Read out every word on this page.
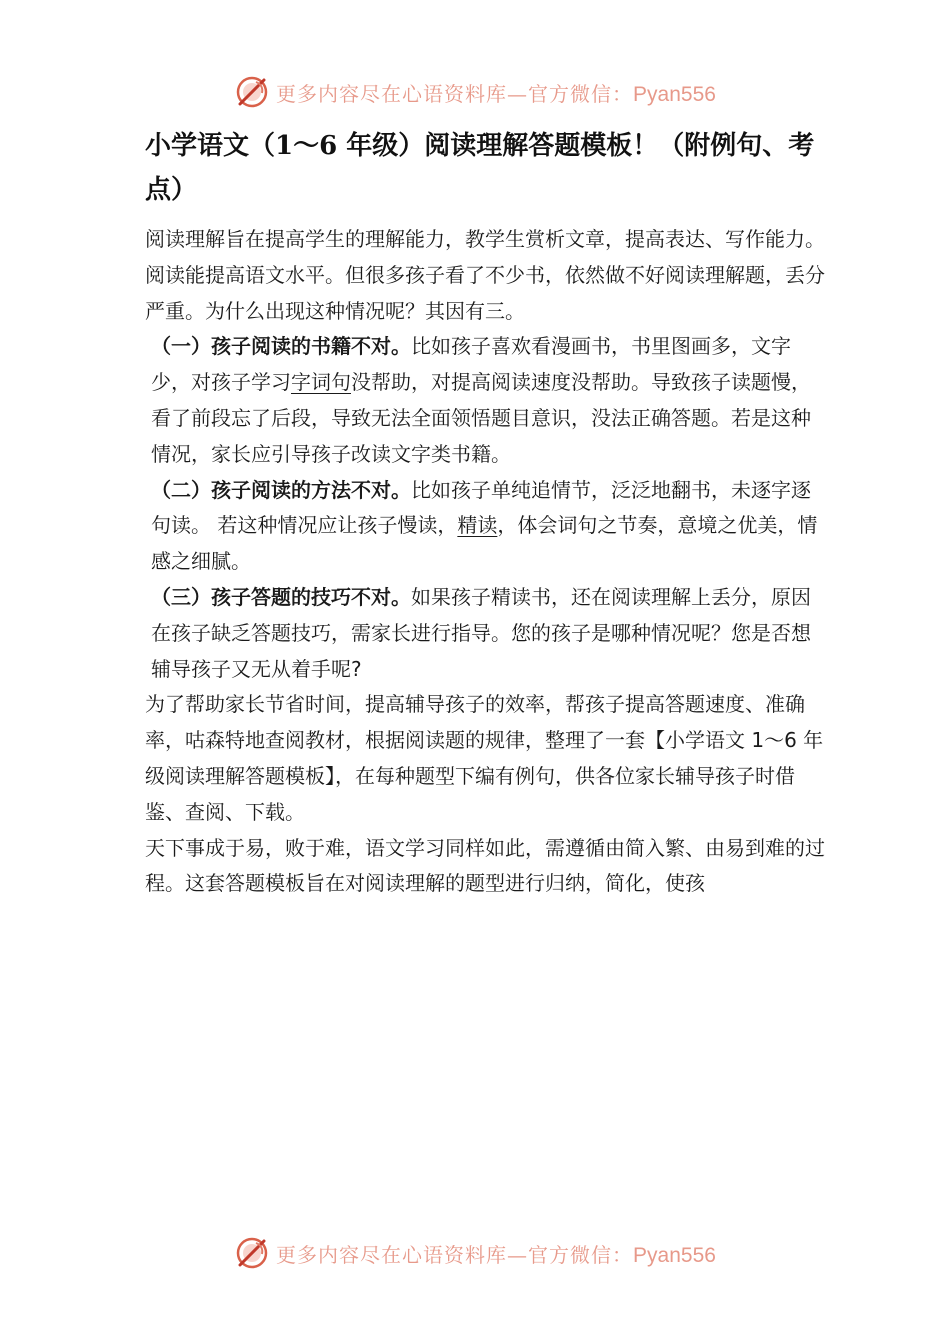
更多内容尽在心语资料库—官方微信：Pyan556
小学语文（1～6 年级）阅读理解答题模板！（附例句、考点）

阅读理解旨在提高学生的理解能力，教学生赏析文章，提高表达、写作能力。阅读能提高语文水平。但很多孩子看了不少书，依然做不好阅读理解题，丢分严重。为什么出现这种情况呢？其因有三。

（一）孩子阅读的书籍不对。比如孩子喜欢看漫画书，书里图画多，文字少，对孩子学习字词句没帮助，对提高阅读速度没帮助。导致孩子读题慢，看了前段忘了后段，导致无法全面领悟题目意识，没法正确答题。若是这种情况，家长应引导孩子改读文字类书籍。

（二）孩子阅读的方法不对。比如孩子单纯追情节，泛泛地翻书，未逐字逐句读。 若这种情况应让孩子慢读，精读，体会词句之节奏，意境之优美，情感之细腻。

（三）孩子答题的技巧不对。如果孩子精读书，还在阅读理解上丢分，原因在孩子缺乏答题技巧，需家长进行指导。您的孩子是哪种情况呢？您是否想辅导孩子又无从着手呢?

为了帮助家长节省时间，提高辅导孩子的效率，帮孩子提高答题速度、准确率，咕森特地查阅教材，根据阅读题的规律，整理了一套【小学语文 1～6 年级阅读理解答题模板】，在每种题型下编有例句，供各位家长辅导孩子时借鉴、查阅、下载。

天下事成于易，败于难，语文学习同样如此，需遵循由简入繁、由易到难的过程。这套答题模板旨在对阅读理解的题型进行归纳，简化，使孩

更多内容尽在心语资料库—官方微信：Pyan556
